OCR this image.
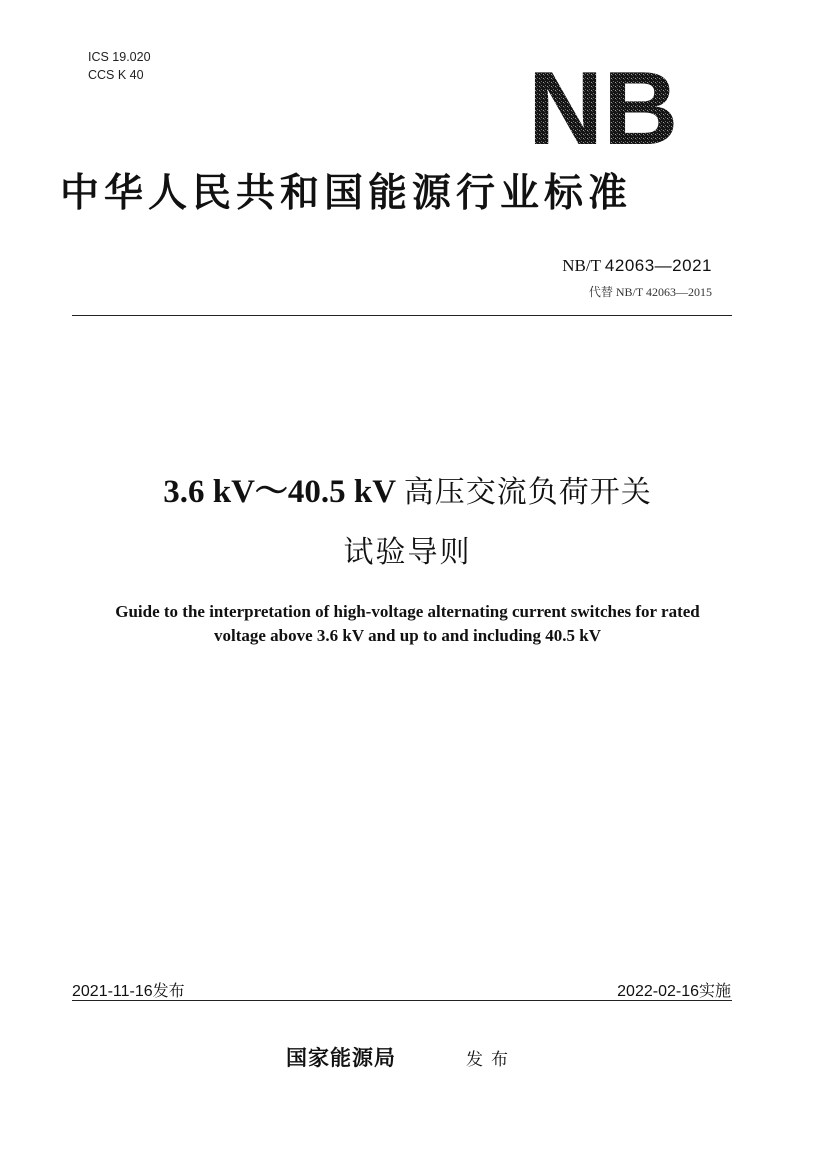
ICS 19.020
CCS K 40	NB
中华人民共和国能源行业标准
NB/T 42063—2021
代替 NB/T 42063—2015
3.6 kV～40.5 kV 高压交流负荷开关
试验导则
Guide to the interpretation of high-voltage alternating current switches for rated
voltage above 3.6 kV and up to and including 40.5 kV
2021-11-16发布	2022-02-16实施
国家能源局	发布
